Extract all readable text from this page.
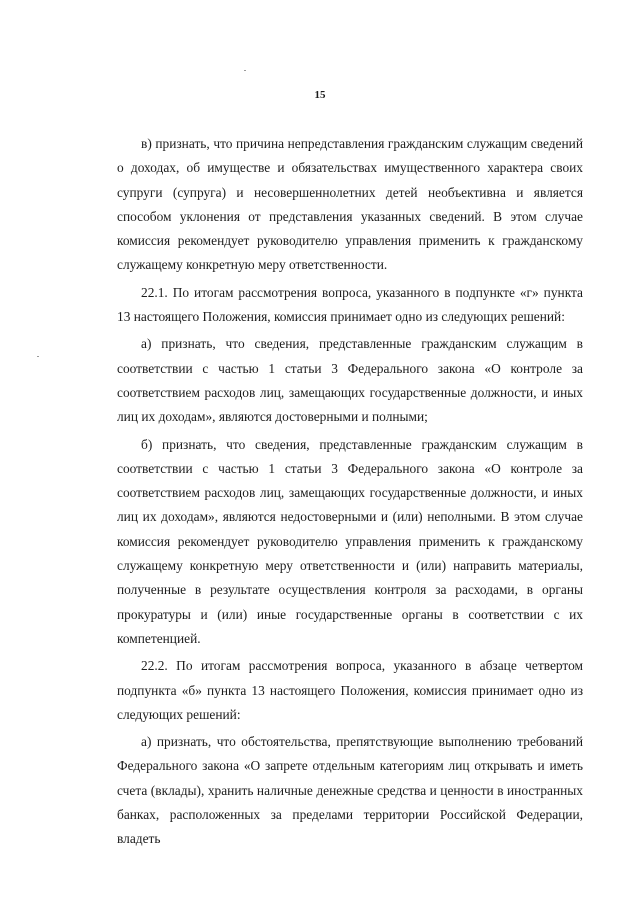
15

в) признать, что причина непредставления гражданским служащим сведений о доходах, об имуществе и обязательствах имущественного характера своих супруги (супруга) и несовершеннолетних детей необъективна и является способом уклонения от представления указанных сведений. В этом случае комиссия рекомендует руководителю управления применить к гражданскому служащему конкретную меру ответственности.

22.1. По итогам рассмотрения вопроса, указанного в подпункте «г» пункта 13 настоящего Положения, комиссия принимает одно из следующих решений:

а) признать, что сведения, представленные гражданским служащим в соответствии с частью 1 статьи 3 Федерального закона «О контроле за соответствием расходов лиц, замещающих государственные должности, и иных лиц их доходам», являются достоверными и полными;

б) признать, что сведения, представленные гражданским служащим в соответствии с частью 1 статьи 3 Федерального закона «О контроле за соответствием расходов лиц, замещающих государственные должности, и иных лиц их доходам», являются недостоверными и (или) неполными. В этом случае комиссия рекомендует руководителю управления применить к гражданскому служащему конкретную меру ответственности и (или) направить материалы, полученные в результате осуществления контроля за расходами, в органы прокуратуры и (или) иные государственные органы в соответствии с их компетенцией.

22.2. По итогам рассмотрения вопроса, указанного в абзаце четвертом подпункта «б» пункта 13 настоящего Положения, комиссия принимает одно из следующих решений:

а) признать, что обстоятельства, препятствующие выполнению требований Федерального закона «О запрете отдельным категориям лиц открывать и иметь счета (вклады), хранить наличные денежные средства и ценности в иностранных банках, расположенных за пределами территории Российской Федерации, владеть
